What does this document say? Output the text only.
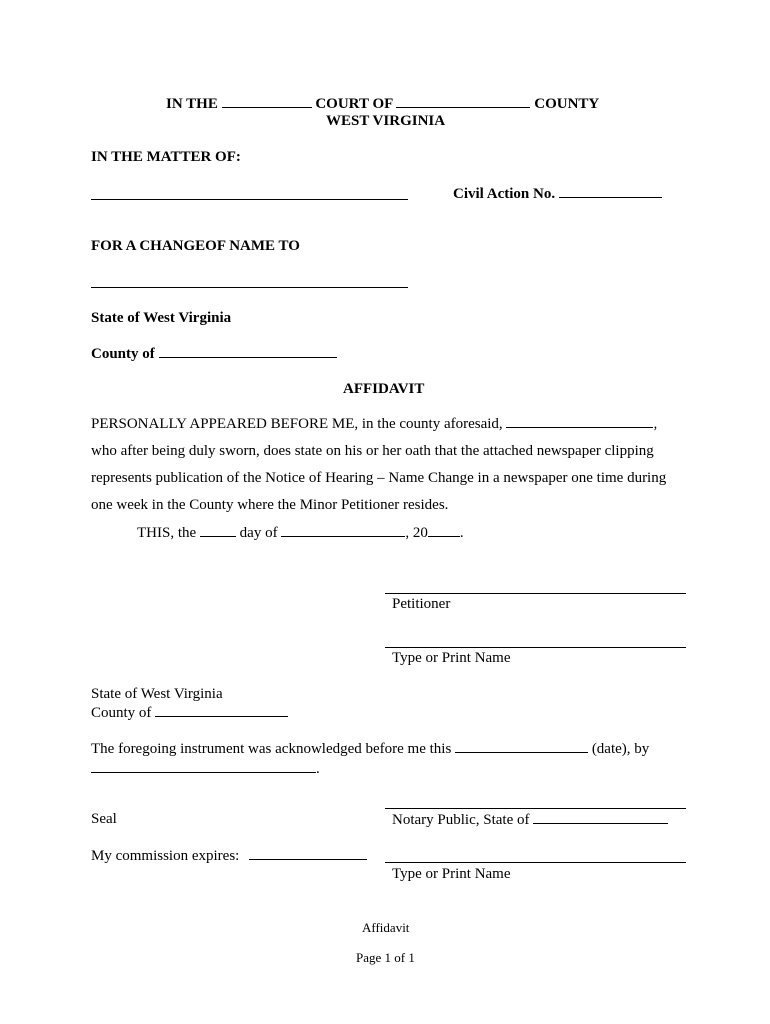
IN THE	COURT OF	COUNTY
WEST VIRGINIA
IN THE MATTER OF:
Civil Action No.
FOR A CHANGEOF NAME TO
State of West Virginia
County of
AFFIDAVIT
PERSONALLY APPEARED BEFORE ME, in the county aforesaid,	,
who after being duly sworn, does state on his or her oath that the attached newspaper clipping
represents publication of the Notice of Hearing – Name Change in a newspaper one time during
one week in the County where the Minor Petitioner resides.
THIS, the	day of	, 20 .
Petitioner
Type or Print Name
State of West Virginia
County of
The foregoing instrument was acknowledged before me this	(date), by
.
Seal	Notary Public, State of
My commission expires:
Type or Print Name
Affidavit
Page 1 of 1
